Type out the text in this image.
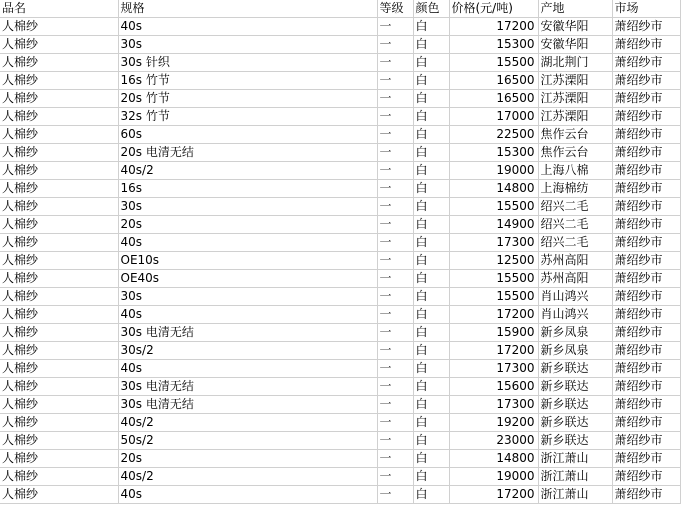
品名	规格	等级	颜色	价格(元/吨)	产地	市场
人棉纱	40s	一	白	17200	安徽华阳	萧绍纱市
人棉纱	30s	一	白	15300	安徽华阳	萧绍纱市
人棉纱	30s 针织	一	白	15500	湖北荆门	萧绍纱市
人棉纱	16s 竹节	一	白	16500	江苏溧阳	萧绍纱市
人棉纱	20s 竹节	一	白	16500	江苏溧阳	萧绍纱市
人棉纱	32s 竹节	一	白	17000	江苏溧阳	萧绍纱市
人棉纱	60s	一	白	22500	焦作云台	萧绍纱市
人棉纱	20s 电清无结	一	白	15300	焦作云台	萧绍纱市
人棉纱	40s/2	一	白	19000	上海八棉	萧绍纱市
人棉纱	16s	一	白	14800	上海棉纺	萧绍纱市
人棉纱	30s	一	白	15500	绍兴二毛	萧绍纱市
人棉纱	20s	一	白	14900	绍兴二毛	萧绍纱市
人棉纱	40s	一	白	17300	绍兴二毛	萧绍纱市
人棉纱	OE10s	一	白	12500	苏州高阳	萧绍纱市
人棉纱	OE40s	一	白	15500	苏州高阳	萧绍纱市
人棉纱	30s	一	白	15500	肖山鸿兴	萧绍纱市
人棉纱	40s	一	白	17200	肖山鸿兴	萧绍纱市
人棉纱	30s 电清无结	一	白	15900	新乡凤泉	萧绍纱市
人棉纱	30s/2	一	白	17200	新乡凤泉	萧绍纱市
人棉纱	40s	一	白	17300	新乡联达	萧绍纱市
人棉纱	30s 电清无结	一	白	15600	新乡联达	萧绍纱市
人棉纱	30s 电清无结	一	白	17300	新乡联达	萧绍纱市
人棉纱	40s/2	一	白	19200	新乡联达	萧绍纱市
人棉纱	50s/2	一	白	23000	新乡联达	萧绍纱市
人棉纱	20s	一	白	14800	浙江萧山	萧绍纱市
人棉纱	40s/2	一	白	19000	浙江萧山	萧绍纱市
人棉纱	40s	一	白	17200	浙江萧山	萧绍纱市
